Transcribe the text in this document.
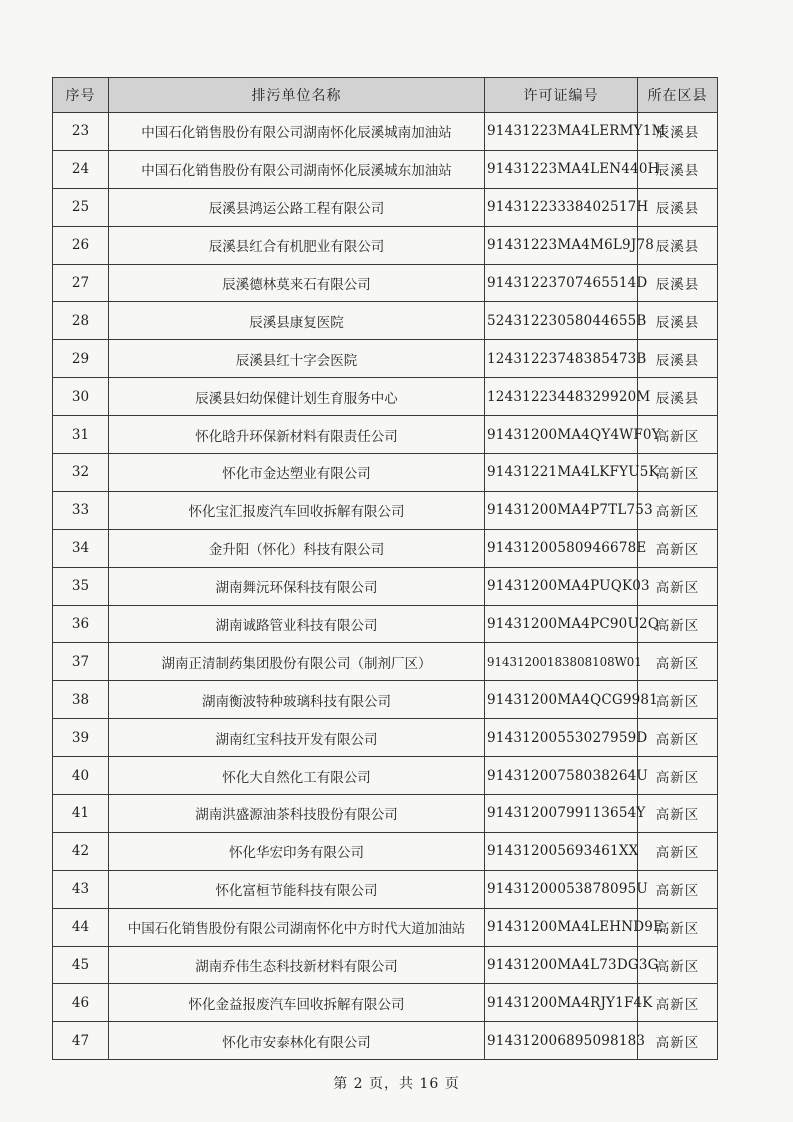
序号	排污单位名称	许可证编号	所在区县
23	中国石化销售股份有限公司湖南怀化辰溪城南加油站	91431223MA4LERMY1M	辰溪县
24	中国石化销售股份有限公司湖南怀化辰溪城东加油站	91431223MA4LEN440H	辰溪县
25	辰溪县鸿运公路工程有限公司	91431223338402517H	辰溪县
26	辰溪县红合有机肥业有限公司	91431223MA4M6L9J78	辰溪县
27	辰溪德林莫来石有限公司	91431223707465514D	辰溪县
28	辰溪县康复医院	52431223058044655B	辰溪县
29	辰溪县红十字会医院	12431223748385473B	辰溪县
30	辰溪县妇幼保健计划生育服务中心	12431223448329920M	辰溪县
31	怀化晗升环保新材料有限责任公司	91431200MA4QY4WF0Y	高新区
32	怀化市金达塑业有限公司	91431221MA4LKFYU5K	高新区
33	怀化宝汇报废汽车回收拆解有限公司	91431200MA4P7TL753	高新区
34	金升阳（怀化）科技有限公司	91431200580946678E	高新区
35	湖南舞沅环保科技有限公司	91431200MA4PUQK03	高新区
36	湖南诚路管业科技有限公司	91431200MA4PC90U2Q	高新区
37	湖南正清制药集团股份有限公司（制剂厂区）	91431200183808108W01	高新区
38	湖南衡波特种玻璃科技有限公司	91431200MA4QCG9981	高新区
39	湖南红宝科技开发有限公司	91431200553027959D	高新区
40	怀化大自然化工有限公司	91431200758038264U	高新区
41	湖南洪盛源油茶科技股份有限公司	91431200799113654Y	高新区
42	怀化华宏印务有限公司	91431200569346​1XX	高新区
43	怀化富桓节能科技有限公司	91431200053878095U	高新区
44	中国石化销售股份有限公司湖南怀化中方时代大道加油站	91431200MA4LEHND9E	高新区
45	湖南乔伟生态科技新材料有限公司	91431200MA4L73DG3G	高新区
46	怀化金益报废汽车回收拆解有限公司	91431200MA4RJY1F4K	高新区
47	怀化市安泰林化有限公司	91431200689509818​3	高新区
第 2 页，共 16 页
